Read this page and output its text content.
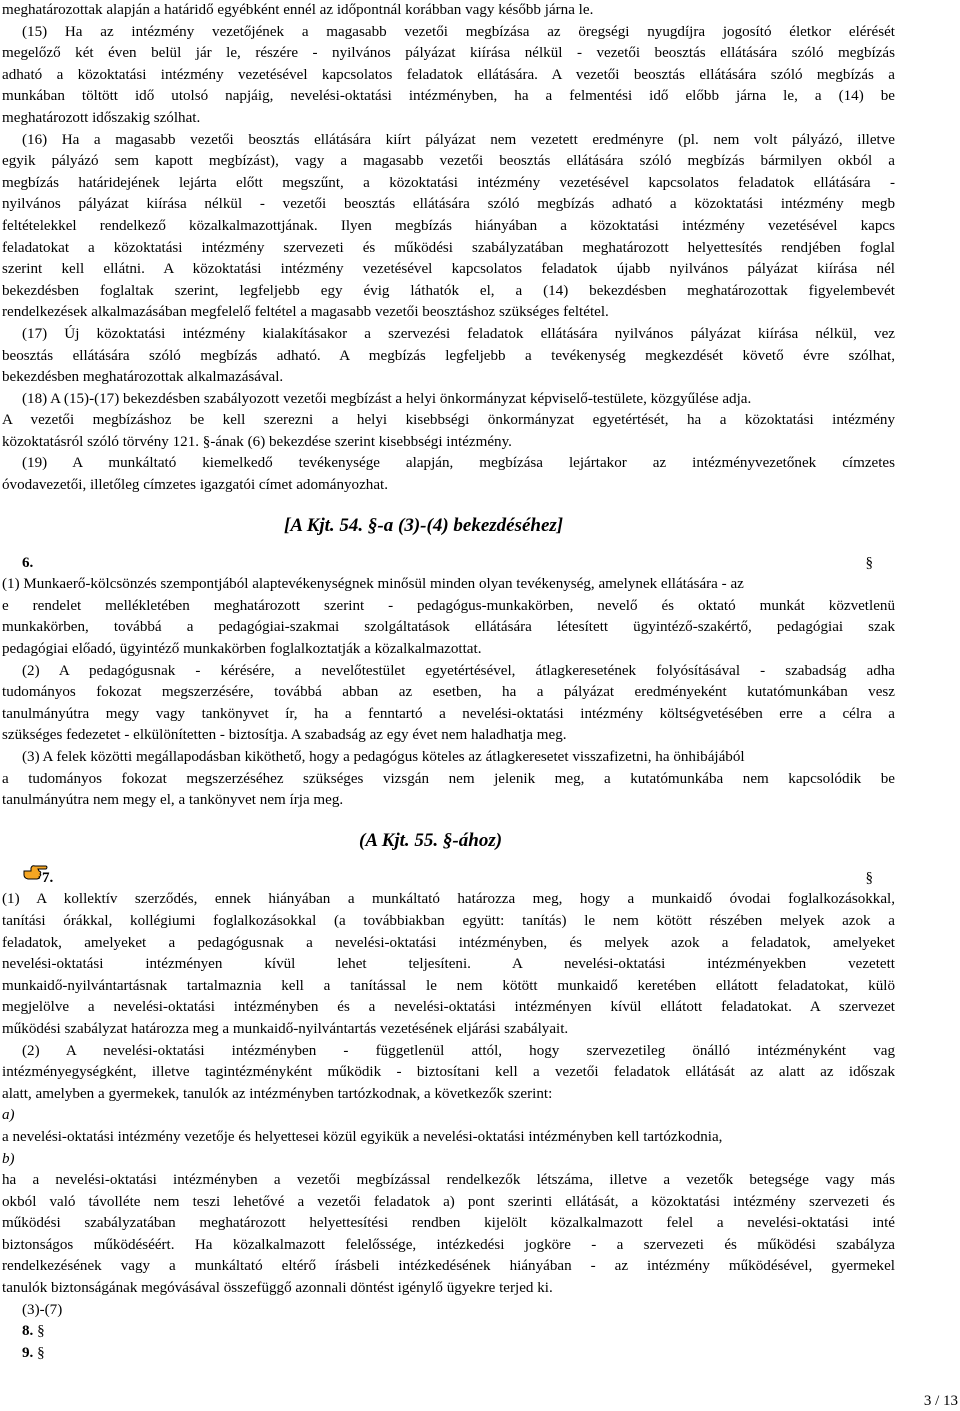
meghatározottak alapján a határidő egyébként ennél az időpontnál korábban vagy később járna le.
(15) Ha az intézmény vezetőjének a magasabb vezetői megbízása az öregségi nyugdíjra jogosító életkor elérését
megelőző két éven belül jár le, részére - nyilvános pályázat kiírása nélkül - vezetői beosztás ellátására szóló megbízás
adható a közoktatási intézmény vezetésével kapcsolatos feladatok ellátására. A vezetői beosztás ellátására szóló megbízás a
munkában töltött idő utolsó napjáig, nevelési-oktatási intézményben, ha a felmentési idő előbb járna le, a (14) be
meghatározott időszakig szólhat.
(16) Ha a magasabb vezetői beosztás ellátására kiírt pályázat nem vezetett eredményre (pl. nem volt pályázó, illetve
egyik pályázó sem kapott megbízást), vagy a magasabb vezetői beosztás ellátására szóló megbízás bármilyen okból a
megbízás határidejének lejárta előtt megszűnt, a közoktatási intézmény vezetésével kapcsolatos feladatok ellátására -
nyilvános pályázat kiírása nélkül - vezetői beosztás ellátására szóló megbízás adható a közoktatási intézmény megb
feltételekkel rendelkező közalkalmazottjának. Ilyen megbízás hiányában a közoktatási intézmény vezetésével kapcs
feladatokat a közoktatási intézmény szervezeti és működési szabályzatában meghatározott helyettesítés rendjében foglal
szerint kell ellátni. A közoktatási intézmény vezetésével kapcsolatos feladatok újabb nyilvános pályázat kiírása nél
bekezdésben foglaltak szerint, legfeljebb egy évig láthatók el, a (14) bekezdésben meghatározottak figyelembevét
rendelkezések alkalmazásában megfelelő feltétel a magasabb vezetői beosztáshoz szükséges feltétel.
(17) Új közoktatási intézmény kialakításakor a szervezési feladatok ellátására nyilvános pályázat kiírása nélkül, vez
beosztás ellátására szóló megbízás adható. A megbízás legfeljebb a tevékenység megkezdését követő évre szólhat,
bekezdésben meghatározottak alkalmazásával.
(18) A (15)-(17) bekezdésben szabályozott vezetői megbízást a helyi önkormányzat képviselő-testülete, közgyűlése adja.
A vezetői megbízáshoz be kell szerezni a helyi kisebbségi önkormányzat egyetértését, ha a közoktatási intézmény
közoktatásról szóló törvény 121. §-ának (6) bekezdése szerint kisebbségi intézmény.
(19) A munkáltató kiemelkedő tevékenysége alapján, megbízása lejártakor az intézményvezetőnek címzetes
óvodavezetői, illetőleg címzetes igazgatói címet adományozhat.
[A Kjt. 54. §-a (3)-(4) bekezdéséhez]
6.	§
(1) Munkaerő-kölcsönzés szempontjából alaptevékenységnek minősül minden olyan tevékenység, amelynek ellátására - az
e rendelet mellékletében meghatározott szerint - pedagógus-munkakörben, nevelő és oktató munkát közvetlenü
munkakörben, továbbá a pedagógiai-szakmai szolgáltatások ellátására létesített ügyintéző-szakértő, pedagógiai szak
pedagógiai előadó, ügyintéző munkakörben foglalkoztatják a közalkalmazottat.
(2) A pedagógusnak - kérésére, a nevelőtestület egyetértésével, átlagkeresetének folyósításával - szabadság adha
tudományos fokozat megszerzésére, továbbá abban az esetben, ha a pályázat eredményeként kutatómunkában vesz
tanulmányútra megy vagy tankönyvet ír, ha a fenntartó a nevelési-oktatási intézmény költségvetésében erre a célra a
szükséges fedezetet - elkülönítetten - biztosítja. A szabadság az egy évet nem haladhatja meg.
(3) A felek közötti megállapodásban kiköthető, hogy a pedagógus köteles az átlagkeresetet visszafizetni, ha önhibájából
a tudományos fokozat megszerzéséhez szükséges vizsgán nem jelenik meg, a kutatómunkába nem kapcsolódik be
tanulmányútra nem megy el, a tankönyvet nem írja meg.
(A Kjt. 55. §-ához)
7.	§
(1) A kollektív szerződés, ennek hiányában a munkáltató határozza meg, hogy a munkaidő óvodai foglalkozásokkal,
tanítási órákkal, kollégiumi foglalkozásokkal (a továbbiakban együtt: tanítás) le nem kötött részében melyek azok a
feladatok, amelyeket a pedagógusnak a nevelési-oktatási intézményben, és melyek azok a feladatok, amelyeket
nevelési-oktatási intézményen kívül lehet teljesíteni. A nevelési-oktatási intézményekben vezetett
munkaidő-nyilvántartásnak tartalmaznia kell a tanítással le nem kötött munkaidő keretében ellátott feladatokat, külö
megjelölve a nevelési-oktatási intézményben és a nevelési-oktatási intézményen kívül ellátott feladatokat. A szervezet
működési szabályzat határozza meg a munkaidő-nyilvántartás vezetésének eljárási szabályait.
(2) A nevelési-oktatási intézményben - függetlenül attól, hogy szervezetileg önálló intézményként vag
intézményegységként, illetve tagintézményként működik - biztosítani kell a vezetői feladatok ellátását az alatt az időszak
alatt, amelyben a gyermekek, tanulók az intézményben tartózkodnak, a következők szerint:
a)
a nevelési-oktatási intézmény vezetője és helyettesei közül egyikük a nevelési-oktatási intézményben kell tartózkodnia,
b)
ha a nevelési-oktatási intézményben a vezetői megbízással rendelkezők létszáma, illetve a vezetők betegsége vagy más
okból való távolléte nem teszi lehetővé a vezetői feladatok a) pont szerinti ellátását, a közoktatási intézmény szervezeti és
működési szabályzatában meghatározott helyettesítési rendben kijelölt közalkalmazott felel a nevelési-oktatási inté
biztonságos működéséért. Ha közalkalmazott felelőssége, intézkedési jogköre - a szervezeti és működési szabályza
rendelkezésének vagy a munkáltató eltérő írásbeli intézkedésének hiányában - az intézmény működésével, gyermekel
tanulók biztonságának megóvásával összefüggő azonnali döntést igénylő ügyekre terjed ki.
(3)-(7)
8. §
9. §
3 / 13
